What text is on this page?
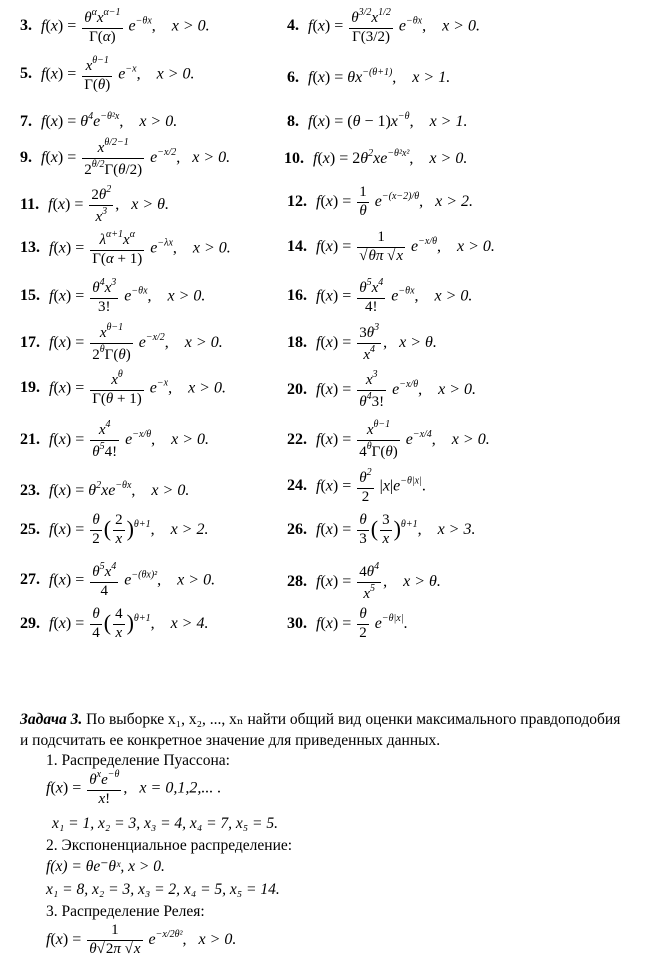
3. $f(x) = \frac{\theta^\alpha x^{\alpha-1}}{\Gamma(\alpha)} e^{-\theta x}$,    x > 0.	4. $f(x) = \frac{\theta^{3/2}x^{1/2}}{\Gamma(3/2)} e^{-\theta x}$,    x > 0.
5. $f(x) = \frac{x^{\theta-1}}{\Gamma(\theta)} e^{-x}$,    x > 0.	6. $f(x) = \theta x^{-(\theta+1)}$,    x > 1.
7. $f(x) = \theta^4e^{-\theta^2x}$,    x > 0.	8. $f(x) = (\theta - 1)x^{-\theta}$,    x > 1.
9. $f(x) = \frac{x^{\theta/2-1}}{2^{\theta/2}\Gamma(\theta/2)} e^{-x/2}$,   x > 0.	10. $f(x) = 2\theta^2xe^{-\theta^2x^2}$,    x > 0.
11. $f(x) = \frac{2\theta^2}{x^3}$ ,   x > θ.	12. $f(x) = \frac{1}{\theta} e^{-(x-2)/\theta}$,   x > 2.
13. $f(x) = \frac{\lambda^{\alpha+1}x^\alpha}{\Gamma(\alpha + 1)} e^{-\lambda x}$,    x > 0.	14. $f(x) = \frac{1}{√\theta\pi √x} e^{-x/\theta}$,    x > 0.
15. $f(x) = \frac{\theta^4x^3}{3!} e^{-\theta x}$,    x > 0.	16. $f(x) = \frac{\theta^5x^4}{4!} e^{-\theta x}$,    x > 0.
17. $f(x) = \frac{x^{\theta-1}}{2^\theta\Gamma(\theta)} e^{-x/2}$,    x > 0.	18. $f(x) = \frac{3\theta^3}{x^4}$ ,   x > θ.
19. $f(x) = \frac{x^\theta}{\Gamma(\theta + 1)} e^{-x}$,    x > 0.	20. $f(x) = \frac{x^3}{\theta^43!} e^{-x/\theta}$,    x > 0.
21. $f(x) = \frac{x^4}{\theta^54!} e^{-x/\theta}$,    x > 0.	22. $f(x) = \frac{x^{\theta-1}}{4^\theta\Gamma(\theta)} e^{-x/4}$,    x > 0.
23. $f(x) = \theta^2xe^{-\theta x}$,    x > 0.	24. $f(x) = \frac{\theta^2}{2} |x|e^{-\theta|x|}$.
25. $f(x) = \frac{\theta}{2}$ ( $\frac{2}{x} )^{\theta+1}$,    x > 2.	26. $f(x) = \frac{\theta}{3}$ ( $\frac{3}{x} )^{\theta+1}$,    x > 3.
27. $f(x) = \frac{\theta^5x^4}{4} e^{-(\theta x)^2}$,    x > 0.	28. $f(x) = \frac{4\theta^4}{x^5}$ ,    x > θ.
29. $f(x) = \frac{\theta}{4}$ ( $\frac{4}{x} )^{\theta+1}$,    x > 4.	30. $f(x) = \frac{\theta}{2} e^{-\theta|x|}$.
Задача 3. По выборке x₁, x₂, ..., xₙ найти общий вид оценки максимального правдоподобия
и подсчитать ее конкретное значение для приведенных данных.
1. Распределение Пуассона:
$f(x) = \frac{\theta^xe^{-\theta}}{x!}$ ,   x = 0,1,2,... .
x₁ = 1, x₂ = 3, x₃ = 4, x₄ = 7, x₅ = 5.
2. Экспоненциальное распределение:
f(x) = θe⁻θˣ, x > 0.
x₁ = 8, x₂ = 3, x₃ = 2, x₄ = 5, x₅ = 14.
3. Распределение Релея:
$f(x) = \frac{1}{\theta√2\pi √x} e^{-x/2\theta^2}$,   x > 0.
